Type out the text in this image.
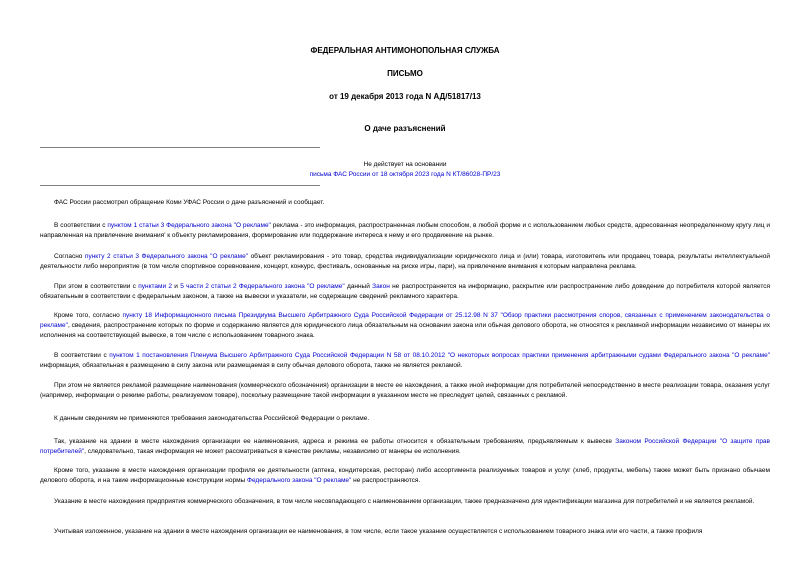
ФЕДЕРАЛЬНАЯ АНТИМОНОПОЛЬНАЯ СЛУЖБА
ПИСЬМО
от 19 декабря 2013 года N АД/51817/13
О даче разъяснений
Не действует на основании
письма ФАС России от 18 октября 2023 года N КТ/86028-ПР/23
ФАС России рассмотрел обращение Коми УФАС России о даче разъяснений и сообщает.
В соответствии с пунктом 1 статьи 3 Федерального закона "О рекламе" реклама - это информация, распространенная любым способом, в любой форме и с использованием любых средств, адресованная неопределенному кругу лиц и направленная на привлечение внимания' к объекту рекламирования, формирование или поддержание интереса к нему и его продвижение на рынке.
Согласно пункту 2 статьи 3 Федерального закона "О рекламе" объект рекламирования - это товар, средства индивидуализации юридического лица и (или) товара, изготовитель или продавец товара, результаты интеллектуальной деятельности либо мероприятие (в том числе спортивное соревнование, концерт, конкурс, фестиваль, основанные на риске игры, пари), на привлечение внимания к которым направлена реклама.
При этом в соответствии с пунктами 2 и 5 части 2 статьи 2 Федерального закона "О рекламе" данный Закон не распространяется на информацию, раскрытие или распространение либо доведение до потребителя которой является обязательным в соответствии с федеральным законом, а также на вывески и указатели, не содержащие сведений рекламного характера.
Кроме того, согласно пункту 18 Информационного письма Президиума Высшего Арбитражного Суда Российской Федерации от 25.12.98 N 37 "Обзор практики рассмотрения споров, связанных с применением законодательства о рекламе", сведения, распространение которых по форме и содержанию является для юридического лица обязательным на основании закона или обычая делового оборота, не относятся к рекламной информации независимо от манеры их исполнения на соответствующей вывеске, в том числе с использованием товарного знака.
В соответствии с пунктом 1 постановления Пленума Высшего Арбитражного Суда Российской Федерации N 58 от 08.10.2012 "О некоторых вопросах практики применения арбитражными судами Федерального закона "О рекламе" информация, обязательная к размещению в силу закона или размещаемая в силу обычая делового оборота, также не является рекламой.
При этом не является рекламой размещение наименования (коммерческого обозначения) организации в месте ее нахождения, а также иной информации для потребителей непосредственно в месте реализации товара, оказания услуг (например, информации о режиме работы, реализуемом товаре), поскольку размещение такой информации в указанном месте не преследует целей, связанных с рекламой.
К данным сведениям не применяются требования законодательства Российской Федерации о рекламе.
Так, указание на здании в месте нахождения организации ее наименования, адреса и режима ее работы относится к обязательным требованиям, предъявляемым к вывеске Законом Российской Федерации "О защите прав потребителей", следовательно, такая информация не может рассматриваться в качестве рекламы, независимо от манеры ее исполнения.
Кроме того, указание в месте нахождения организации профиля ее деятельности (аптека, кондитерская, ресторан) либо ассортимента реализуемых товаров и услуг (хлеб, продукты, мебель) также может быть признано обычаем делового оборота, и на такие информационные конструкции нормы Федерального закона "О рекламе" не распространяются.
Указание в месте нахождения предприятия коммерческого обозначения, в том числе несовпадающего с наименованием организации, также предназначено для идентификации магазина для потребителей и не является рекламой.
Учитывая изложенное, указание на здании в месте нахождения организации ее наименования, в том числе, если такое указание осуществляется с использованием товарного знака или его части, а также профиля
